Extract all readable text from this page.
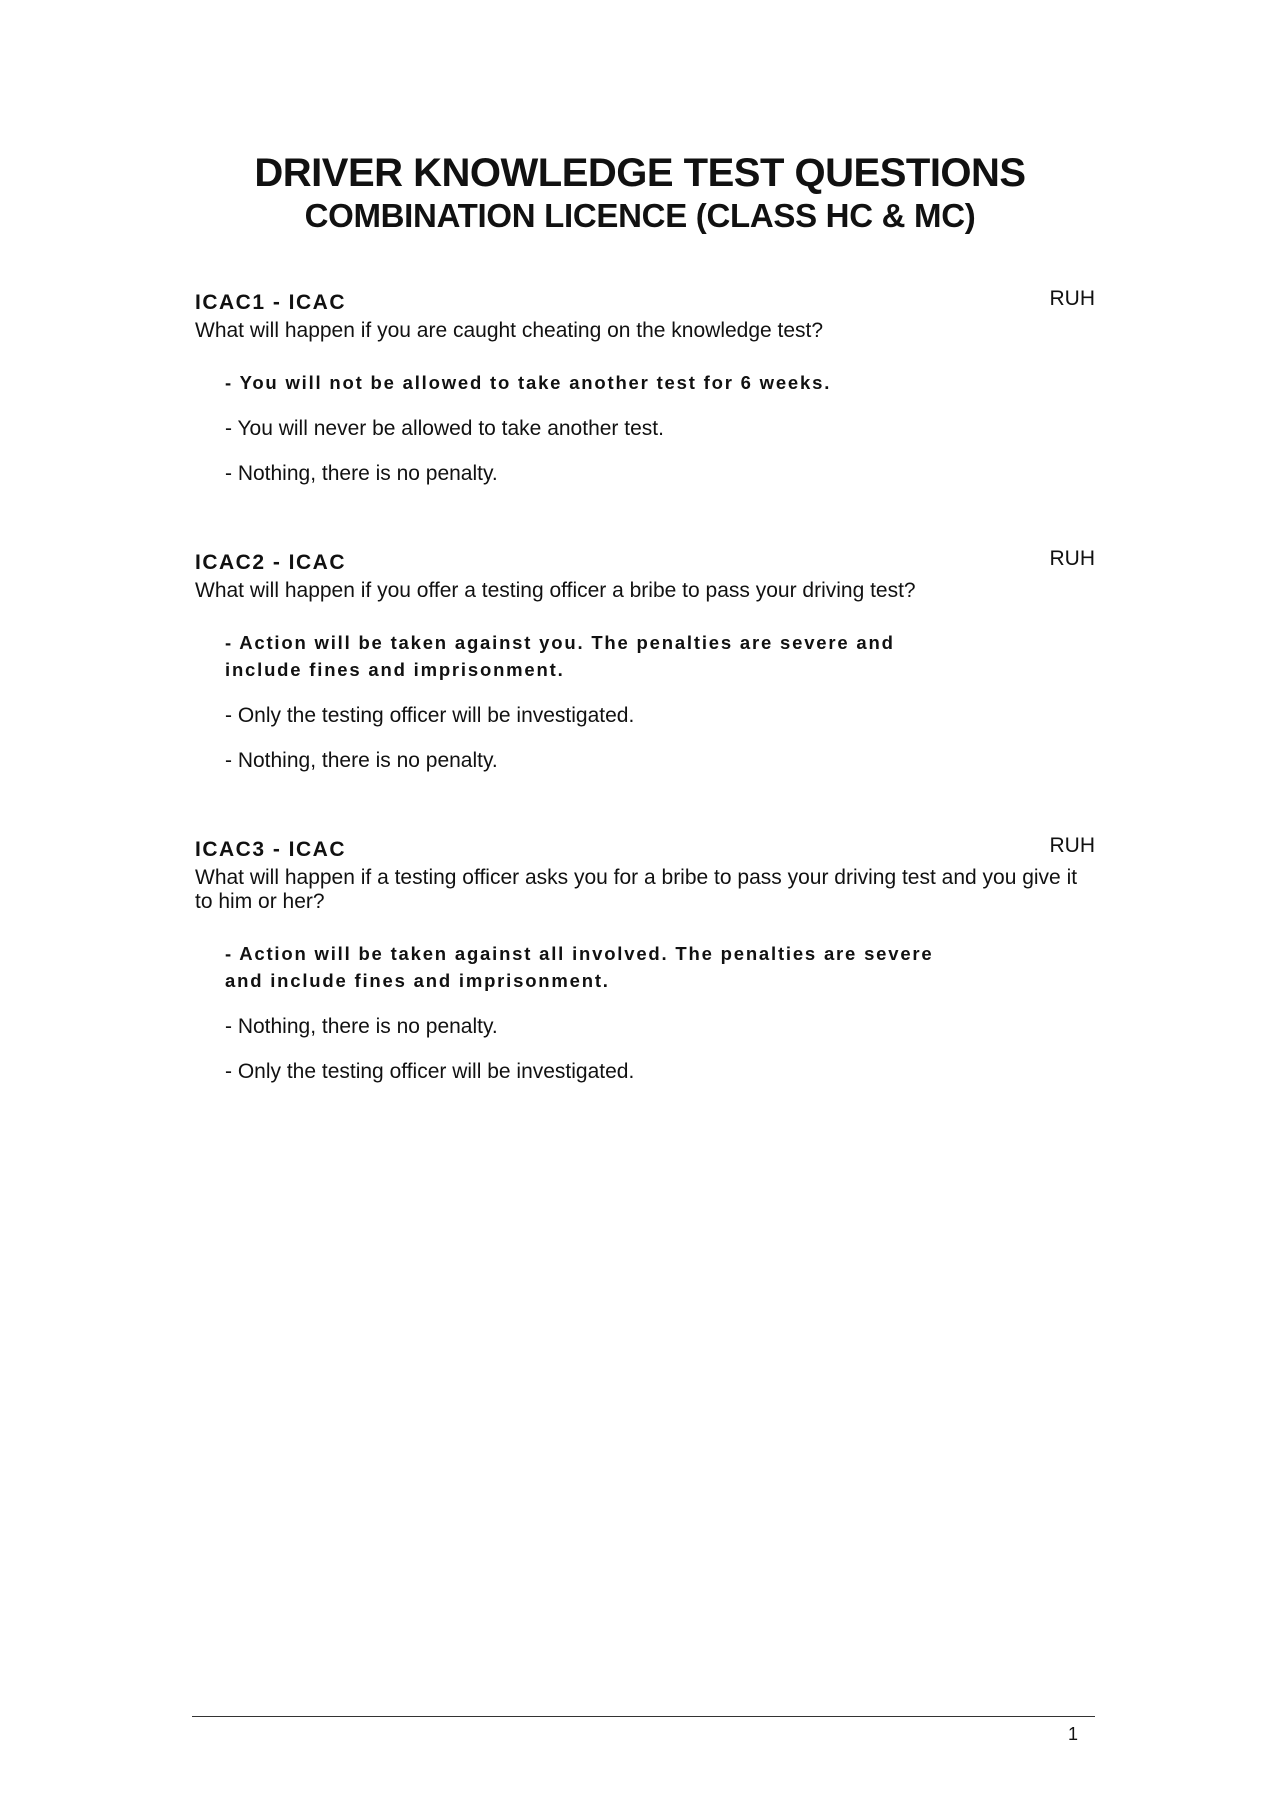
DRIVER KNOWLEDGE TEST QUESTIONS
COMBINATION LICENCE (CLASS HC & MC)
ICAC1 - ICAC	RUH
What will happen if you are caught cheating on the knowledge test?
- You will not be allowed to take another test for 6 weeks.
- You will never be allowed to take another test.
- Nothing, there is no penalty.
ICAC2 - ICAC	RUH
What will happen if you offer a testing officer a bribe to pass your driving test?
- Action will be taken against you. The penalties are severe and include fines and imprisonment.
- Only the testing officer will be investigated.
- Nothing, there is no penalty.
ICAC3 - ICAC	RUH
What will happen if a testing officer asks you for a bribe to pass your driving test and you give it to him or her?
- Action will be taken against all involved. The penalties are severe and include fines and imprisonment.
- Nothing, there is no penalty.
- Only the testing officer will be investigated.
1
